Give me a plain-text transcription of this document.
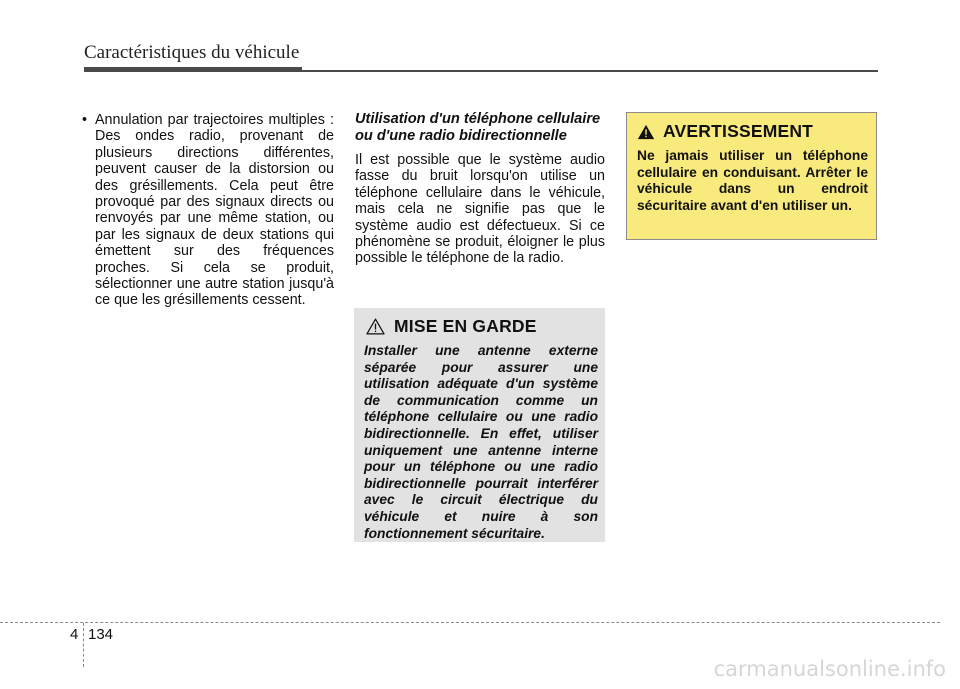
Caractéristiques du véhicule
• Annulation par trajectoires multiples : Des ondes radio, provenant de plusieurs directions différentes, peuvent causer de la distorsion ou des grésillements. Cela peut être provoqué par des signaux directs ou renvoyés par une même station, ou par les signaux de deux stations qui émettent sur des fréquences proches. Si cela se produit, sélectionner une autre station jusqu'à ce que les grésillements cessent.
Utilisation d'un téléphone cellulaire ou d'une radio bidirectionnelle
Il est possible que le système audio fasse du bruit lorsqu'on utilise un téléphone cellulaire dans le véhicule, mais cela ne signifie pas que le système audio est défectueux. Si ce phénomène se produit, éloigner le plus possible le téléphone de la radio.
MISE EN GARDE
Installer une antenne externe séparée pour assurer une utilisation adéquate d'un système de communication comme un téléphone cellulaire ou une radio bidirectionnelle. En effet, utiliser uniquement une antenne interne pour un téléphone ou une radio bidirectionnelle pourrait interférer avec le circuit électrique du véhicule et nuire à son fonctionnement sécuritaire.
AVERTISSEMENT
Ne jamais utiliser un téléphone cellulaire en conduisant. Arrêter le véhicule dans un endroit sécuritaire avant d'en utiliser un.
4 134
carmanualsonline.info
